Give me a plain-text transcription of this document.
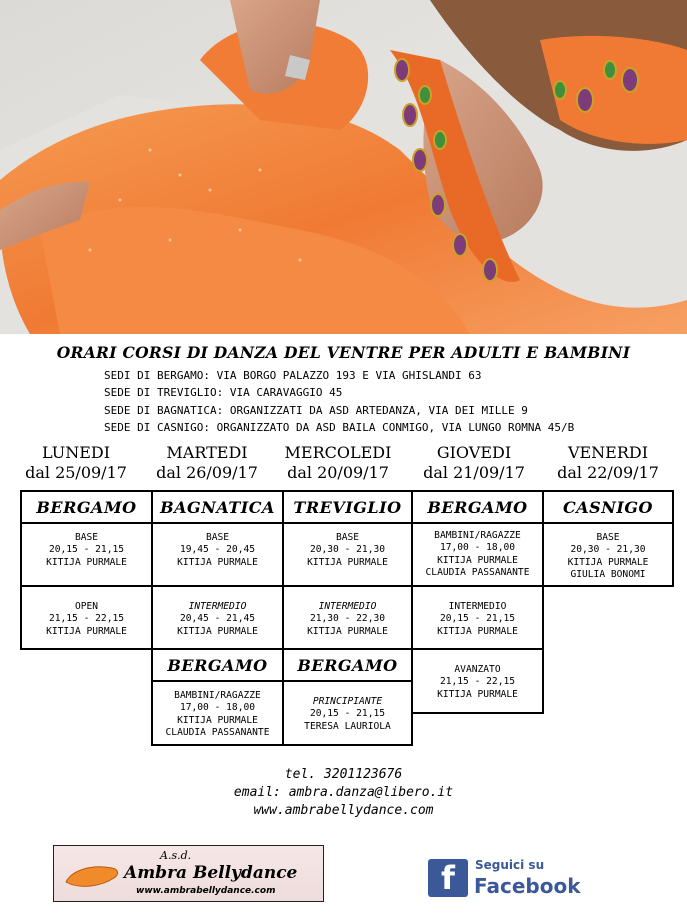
ORARI CORSI DI DANZA DEL VENTRE PER ADULTI E BAMBINI
SEDI DI BERGAMO: VIA BORGO PALAZZO 193 E VIA GHISLANDI 63
SEDE DI TREVIGLIO: VIA CARAVAGGIO 45
SEDE DI BAGNATICA: ORGANIZZATI DA ASD ARTEDANZA, VIA DEI MILLE 9
SEDE DI CASNIGO: ORGANIZZATO DA ASD BAILA CONMIGO, VIA LUNGO ROMNA 45/B
LUNEDI
dal 25/09/17
MARTEDI
dal 26/09/17
MERCOLEDI
dal 20/09/17
GIOVEDI
dal 21/09/17
VENERDI
dal 22/09/17
BERGAMO
BASE
20,15 - 21,15
KITIJA PURMALE
OPEN
21,15 - 22,15
KITIJA PURMALE
BAGNATICA
BASE
19,45 - 20,45
KITIJA PURMALE
INTERMEDIO
20,45 - 21,45
KITIJA PURMALE
BERGAMO
BAMBINI/RAGAZZE
17,00 - 18,00
KITIJA PURMALE
CLAUDIA PASSANANTE
TREVIGLIO
BASE
20,30 - 21,30
KITIJA PURMALE
INTERMEDIO
21,30 - 22,30
KITIJA PURMALE
BERGAMO
PRINCIPIANTE
20,15 - 21,15
TERESA LAURIOLA
BERGAMO
BAMBINI/RAGAZZE
17,00 - 18,00
KITIJA PURMALE
CLAUDIA PASSANANTE
INTERMEDIO
20,15 - 21,15
KITIJA PURMALE
AVANZATO
21,15 - 22,15
KITIJA PURMALE
CASNIGO
BASE
20,30 - 21,30
KITIJA PURMALE
GIULIA BONOMI
tel. 3201123676
email: ambra.danza@libero.it
www.ambrabellydance.com
A.s.d.
Ambra Bellydance
www.ambrabellydance.com	f	Seguici su
Facebook
